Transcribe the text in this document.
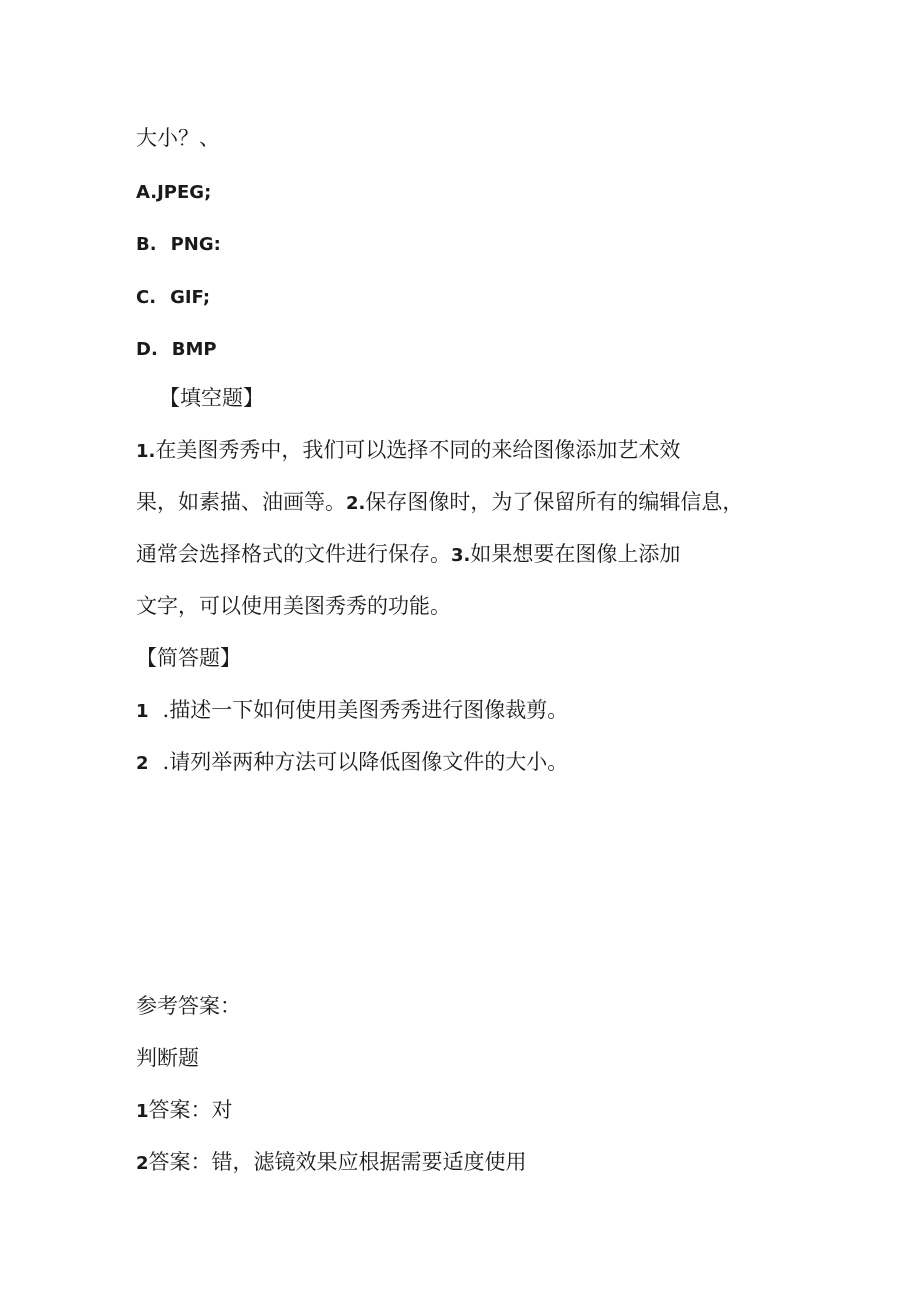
大小？、
A.JPEG;
B. PNG:
C. GIF;
D. BMP
【填空题】
1.在美图秀秀中，我们可以选择不同的来给图像添加艺术效
果，如素描、油画等。2.保存图像时，为了保留所有的编辑信息，
通常会选择格式的文件进行保存。3.如果想要在图像上添加
文字，可以使用美图秀秀的功能。
【简答题】
1 .描述一下如何使用美图秀秀进行图像裁剪。
2 .请列举两种方法可以降低图像文件的大小。
参考答案：
判断题
1答案：对
2答案：错，滤镜效果应根据需要适度使用
